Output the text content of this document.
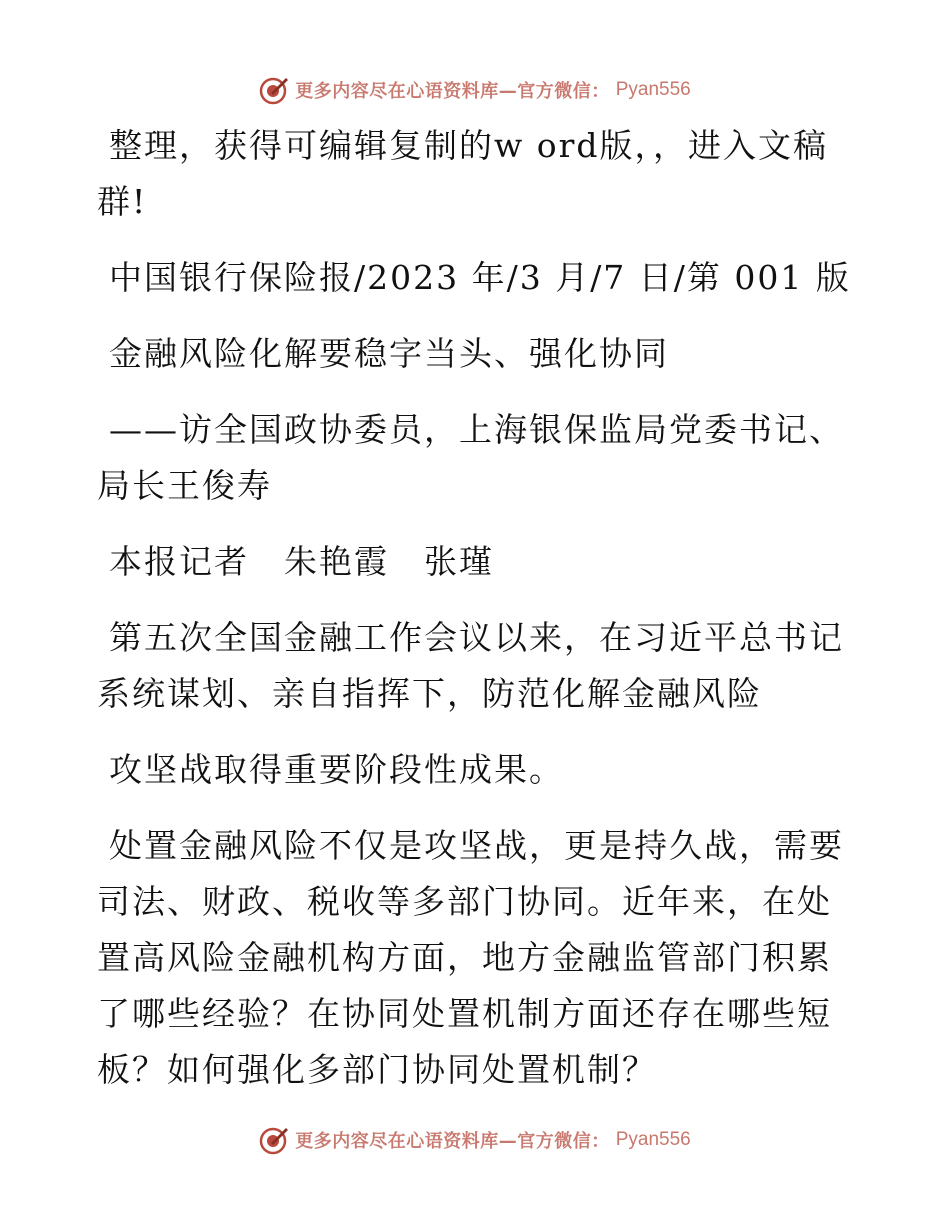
更多内容尽在心语资料库—官方微信： Pyan556

整理，获得可编辑复制的w ord版，，进入文稿群!

中国银行保险报/2023 年/3 月/7 日/第 001 版

金融风险化解要稳字当头、强化协同

——访全国政协委员，上海银保监局党委书记、局长王俊寿

本报记者　朱艳霞　张瑾

第五次全国金融工作会议以来，在习近平总书记系统谋划、亲自指挥下，防范化解金融风险

攻坚战取得重要阶段性成果。

处置金融风险不仅是攻坚战，更是持久战，需要司法、财政、税收等多部门协同。近年来，在处置高风险金融机构方面，地方金融监管部门积累了哪些经验？在协同处置机制方面还存在哪些短板？如何强化多部门协同处置机制？

更多内容尽在心语资料库—官方微信： Pyan556
